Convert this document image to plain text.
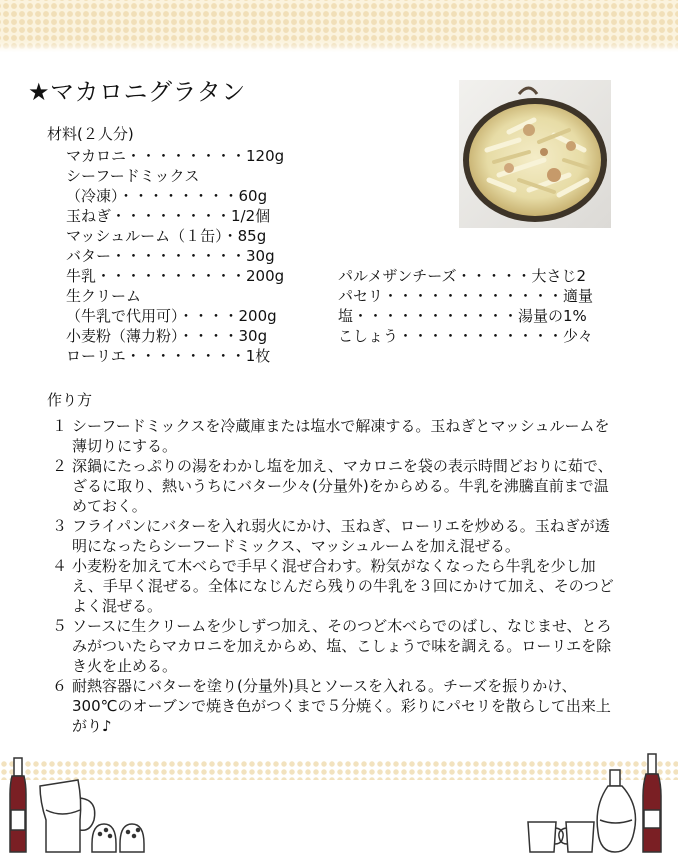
★マカロニグラタン
材料(２人分)
マカロニ・・・・・・・・120g
シーフードミックス
（冷凍）・・・・・・・・60g
玉ねぎ・・・・・・・・1/2個
マッシュルーム（１缶）・85g
バター・・・・・・・・・30g
牛乳・・・・・・・・・・200g
生クリーム
（牛乳で代用可）・・・・200g
小麦粉（薄力粉）・・・・30g
ローリエ・・・・・・・・1枚
パルメザンチーズ・・・・・大さじ2
パセリ・・・・・・・・・・・・適量
塩・・・・・・・・・・・湯量の1%
こしょう・・・・・・・・・・・少々
作り方
１ シーフードミックスを冷蔵庫または塩水で解凍する。玉ねぎとマッシュルームを薄切りにする。
２ 深鍋にたっぷりの湯をわかし塩を加え、マカロニを袋の表示時間どおりに茹で、ざるに取り、熱いうちにバター少々(分量外)をからめる。牛乳を沸騰直前まで温めておく。
３ フライパンにバターを入れ弱火にかけ、玉ねぎ、ローリエを炒める。玉ねぎが透明になったらシーフードミックス、マッシュルームを加え混ぜる。
４ 小麦粉を加えて木べらで手早く混ぜ合わす。粉気がなくなったら牛乳を少し加え、手早く混ぜる。全体になじんだら残りの牛乳を３回にかけて加え、そのつどよく混ぜる。
５ ソースに生クリームを少しずつ加え、そのつど木べらでのばし、なじませ、とろみがついたらマカロニを加えからめ、塩、こしょうで味を調える。ローリエを除き火を止める。
６ 耐熱容器にバターを塗り(分量外)具とソースを入れる。チーズを振りかけ、300℃のオーブンで焼き色がつくまで５分焼く。彩りにパセリを散らして出来上がり♪
